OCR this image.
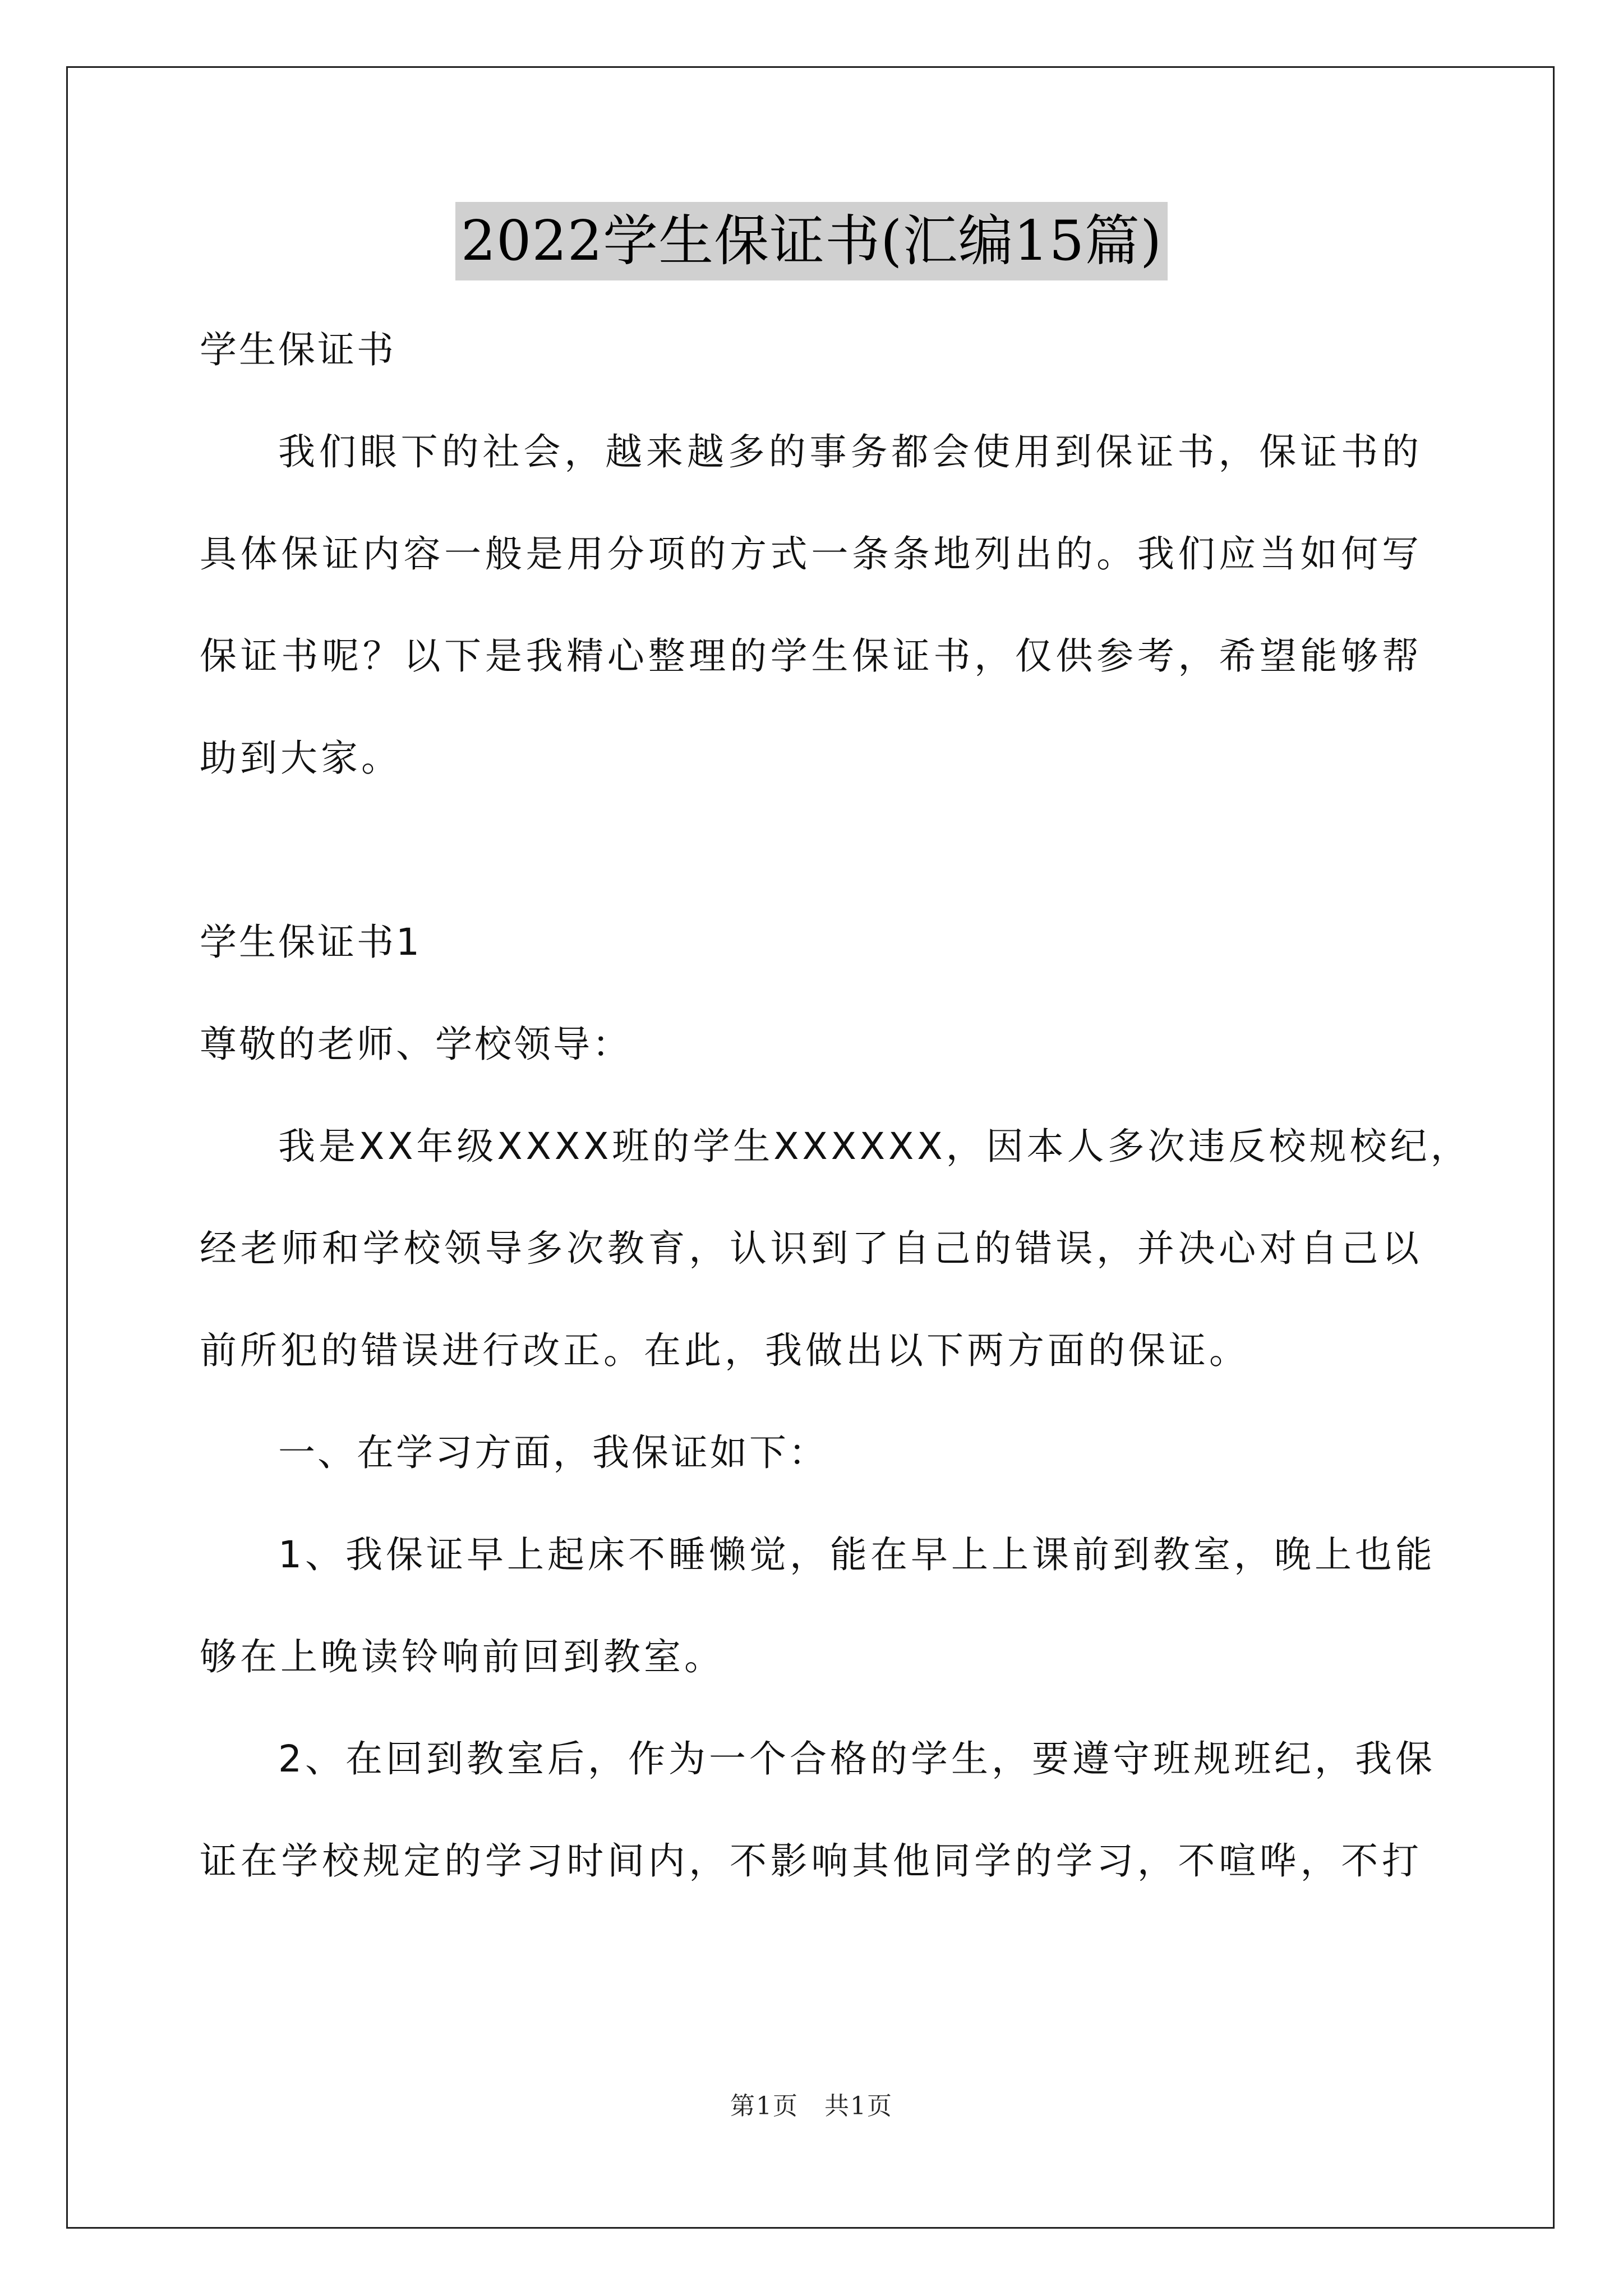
2022学生保证书(汇编15篇)
学生保证书
我们眼下的社会，越来越多的事务都会使用到保证书，保证书的
具体保证内容一般是用分项的方式一条条地列出的。我们应当如何写
保证书呢？以下是我精心整理的学生保证书，仅供参考，希望能够帮
助到大家。
学生保证书1
尊敬的老师、学校领导：
我是XX年级XXXX班的学生XXXXXX，因本人多次违反校规校纪，
经老师和学校领导多次教育，认识到了自己的错误，并决心对自己以
前所犯的错误进行改正。在此，我做出以下两方面的保证。
一、在学习方面，我保证如下：
1、我保证早上起床不睡懒觉，能在早上上课前到教室，晚上也能
够在上晚读铃响前回到教室。
2、在回到教室后，作为一个合格的学生，要遵守班规班纪，我保
证在学校规定的学习时间内，不影响其他同学的学习，不喧哗，不打
第1页　共1页
